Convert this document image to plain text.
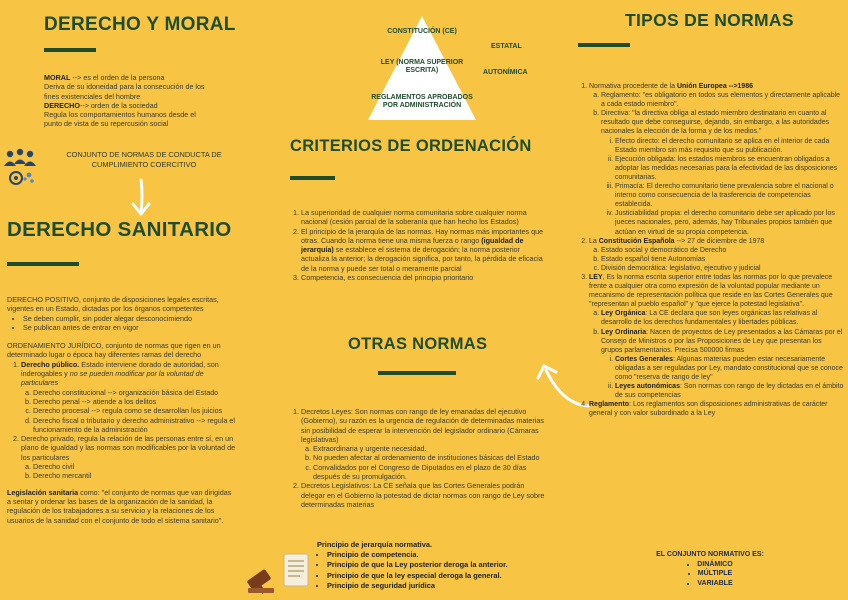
DERECHO Y MORAL
MORAL --> es el orden de la persona
Deriva de su idoneidad para la consecución de los
fines existenciales del hombre
DERECHO--> orden de la sociedad
Regula los comportamientos humanos desde el
punto de vista de su repercusión social
CONJUNTO DE NORMAS DE CONDUCTA DE
CUMPLIMIENTO COERCITIVO
DERECHO SANITARIO
DERECHO POSITIVO, conjunto de disposiciones legales escritas,
vigentes en un Estado, dictadas por los órganos competentes
• Se deben cumplir, sin poder alegar desconocimiendo
• Se publican antes de entrar en vigor
ORDENAMIENTO JURÍDICO, conjunto de normas que rigen en un
determinado lugar o época hay diferentes ramas del derecho
1. Derecho público. Estado interviene dorado de autoridad, son
inderogables y no se pueden modificar por la voluntad de
particulares
a. Derecho constitucional --> organización básica del Estado
b. Derecho penal --> atiende a los delitos
c. Derecho procesal --> regula como se desarrollan los juicios
d. Derecho fiscal o tributario y derecho administrativo --> regula el funcionamiento de la administración
2. Derecho privado, regula la relación de las personas entre sí, en un
plano de igualdad y las normas son modificables por la voluntad de
los particulares
a. Derecho civil
b. Derecho mercantil
Legislación sanitaria como: "el conjunto de normas que van dirigidas
a sentar y ordenar las bases de la organización de la sanidad, la
regulación de los trabajadores a su servicio y la relaciones de los
usuarios de la sanidad con el conjunto de todo el sistema sanitario".
CONSTITUCIÓN (CE)
LEY (NORMA SUPERIOR
ESCRITA)
REGLAMENTOS APROBADOS
POR ADMINISTRACIÓN
ESTATAL
AUTONÍMICA
CRITERIOS DE ORDENACIÓN
1. La superioridad de cualquier norma comunitaria sobre cualquier norma nacional (cesión parcial de la soberanía que han hecho los Estados)
2. El principio de la jerarquía de las normas. Hay normas más importantes que otras. Cuando la norma tiene una misma fuerza o rango (igualdad de jerarquía) se establece el sistema de derogación; la norma posterior actualiza la anterior; la derogación significa, por tanto, la pérdida de eficacia de la norma y puede ser total o meramente parcial
3. Competencia, es consecuencia del principio prioritario
OTRAS NORMAS
1. Decretos Leyes: Son normas con rango de ley emanadas del ejecutivo (Gobierno), su razón es la urgencia de regulación de determinadas materias sin posibilidad de esperar la intervención del legislador ordinario (Cámaras legislativas)
a. Extraordinaria y urgente necesidad.
b. No pueden afectar al ordenamiento de instituciones básicas del Estado
c. Convalidados por el Congreso de Diputados en el plazo de 30 días después de su promulgación.
2. Decretos Legislativos: La CE señala que las Cortes Generales podrán delegar en el Gobierno la potestad de dictar normas con rango de Ley sobre determinadas materias
Principio de jerarquía normativa.
• Principio de competencia.
• Principio de que la Ley posterior deroga la anterior.
• Principio de que la ley especial deroga la general.
• Principio de seguridad jurídica
TIPOS DE NORMAS
1. Normativa procedente de la Unión Europea -->1986
a. Reglamento: "es obligatorio en todos sus elementos y directamente aplicable a cada estado miembro".
b. Directiva: "la directiva obliga al estado miembro destinatario en cuanto al resultado que debe conseguirse, dejando, sin embargo, a las autoridades nacionales la elección de la forma y de los medios."
i. Efecto directo: el derecho comunitario se aplica en el interior de cada Estado miembro sin más requisito que su publicación.
ii. Ejecución obligada: los estados miembros se encuentran obligados a adoptar las medidas necesarias para la efectividad de las disposiciones comunitarias.
iii. Primacía: El derecho comunitario tiene prevalencia sobre el nacional o interno como consecuencia de la trasferencia de competencias establecida.
iv. Justiciabilidad propia: el derecho comunitario debe ser aplicado por los jueces nacionales, pero, además, hay Tribunales propios también que actúan en virtud de su propia competencia.
2. La Constitución Española --> 27 de diciembre de 1978
a. Estado social y democrático de Derecho
b. Estado español tiene Autonomías
c. División democrática: legislativo, ejecutivo y judicial
3. LEY, Es la norma escrita superior entre todas las normas por lo que prevalece frente a cualquier otra como expresión de la voluntad popular mediante un mecanismo de representación política que reside en las Cortes Generales que "representan al pueblo español" y "que ejerce la potestad legislativa".
a. Ley Orgánica: La CE declara que son leyes orgánicas las relativas al desarrollo de los derechos fundamentales y libertades públicas.
b. Ley Ordinaria: Nacen de proyectos de Ley presentados a las Cámaras por el Consejo de Ministros o por las Proposiciones de Ley que presentan los grupos parlamentarios. Precisa 500000 firmas
i. Cortes Generales: Algunas materias pueden estar necesariamente obligadas a ser reguladas por Ley, mandato constitucional que se conoce como "reserva de rango de ley"
ii. Leyes autonómicas: Son normas con rango de ley dictadas en el ámbito de sus competencias
4. Reglamento: Los reglamentos son disposiciones administrativas de carácter general y con valor subordinado a la Ley
EL CONJUNTO NORMATIVO ES:
• DINÁMICO
• MÚLTIPLE
• VARIABLE
